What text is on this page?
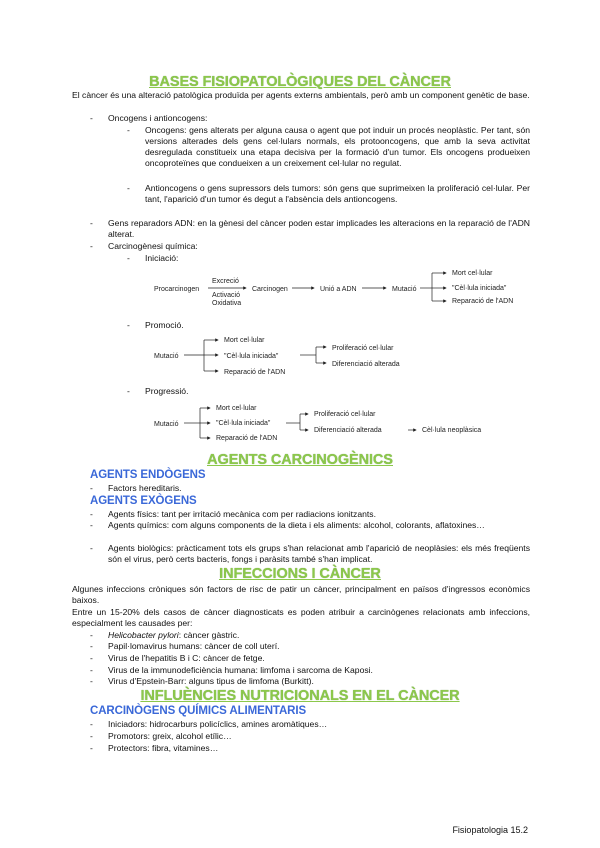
BASES FISIOPATOLÒGIQUES DEL CÀNCER
El càncer és una alteració patològica produïda per agents externs ambientals, però amb un component genètic de base.
- Oncogens i antioncogens:
- Oncogens: gens alterats per alguna causa o agent que pot induir un procés neoplàstic. Per tant, són versions alterades dels gens cel·lulars normals, els protooncogens, que amb la seva activitat desregulada constitueix una etapa decisiva per la formació d'un tumor. Els oncogens produeixen oncoproteïnes que condueixen a un creixement cel·lular no regulat.
- Antioncogens o gens supressors dels tumors: són gens que suprimeixen la proliferació cel·lular. Per tant, l'aparició d'un tumor és degut a l'absència dels antioncogens.
- Gens reparadors ADN: en la gènesi del càncer poden estar implicades les alteracions en la reparació de l'ADN alterat.
- Carcinogènesi química:
- Iniciació:
Procarcinogen
Excreció
Activació
Oxidativa
Carcinogen	Unió a ADN	Mutació
Mort cel·lular
"Cèl·lula iniciada"
Reparació de l'ADN
- Promoció.
Mutació
Mort cel·lular
"Cèl·lula iniciada"
Reparació de l'ADN
Proliferació cel·lular
Diferenciació alterada
- Progressió.
Mutació
Mort cel·lular
"Cèl·lula iniciada"
Reparació de l'ADN
Proliferació cel·lular
Diferenciació alterada	Cèl·lula neoplàsica
AGENTS CARCINOGÈNICS
AGENTS ENDÒGENS
- Factors hereditaris.
AGENTS EXÒGENS
- Agents físics: tant per irritació mecànica com per radiacions ionitzants.
- Agents químics: com alguns components de la dieta i els aliments: alcohol, colorants, aflatoxines…
- Agents biològics: pràcticament tots els grups s'han relacionat amb l'aparició de neoplàsies: els més freqüents són el virus, però certs bacteris, fongs i paràsits també s'han implicat.
INFECCIONS I CÀNCER
Algunes infeccions cròniques són factors de risc de patir un càncer, principalment en països d'ingressos econòmics baixos.
Entre un 15-20% dels casos de càncer diagnosticats es poden atribuir a carcinògenes relacionats amb infeccions, especialment les causades per:
- Helicobacter pylori: càncer gàstric.
- Papil·lomavirus humans: càncer de coll uterí.
- Virus de l'hepatitis B i C: càncer de fetge.
- Virus de la immunodeficiència humana: limfoma i sarcoma de Kaposi.
- Virus d'Epstein-Barr: alguns tipus de limfoma (Burkitt).
INFLUÈNCIES NUTRICIONALS EN EL CÀNCER
CARCINÒGENS QUÍMICS ALIMENTARIS
- Iniciadors: hidrocarburs policíclics, amines aromàtiques…
- Promotors: greix, alcohol etílic…
- Protectors: fibra, vitamines…
Fisiopatologia 15.2
